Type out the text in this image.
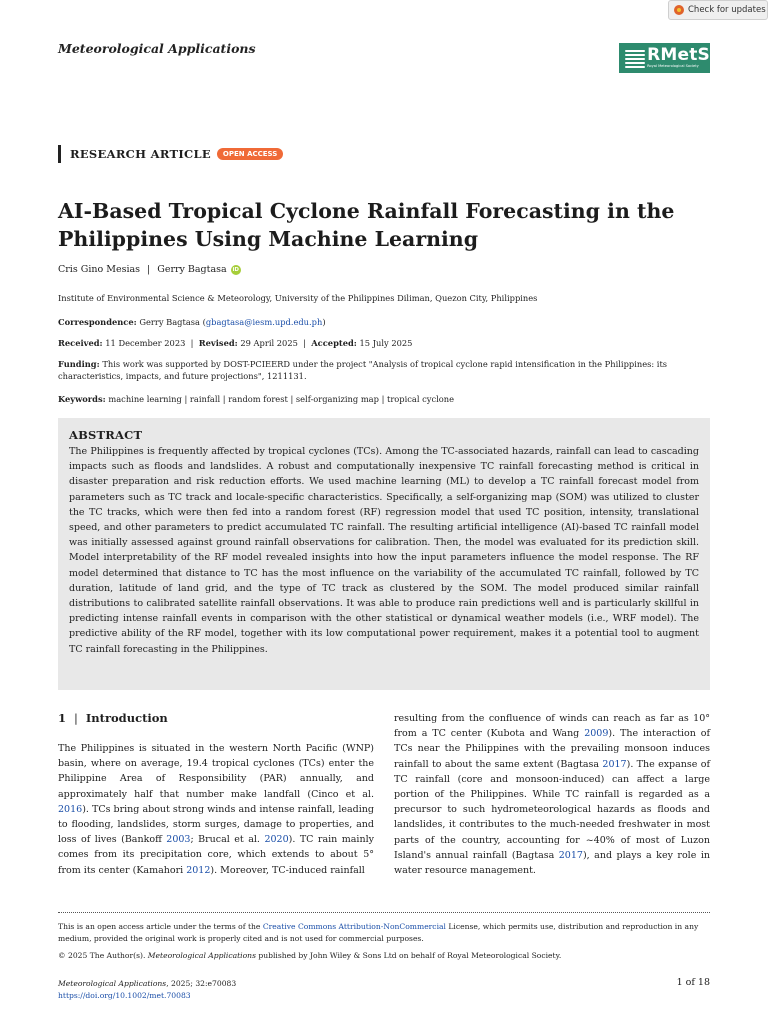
Check for updates
Meteorological Applications	RMetS
Royal Meteorological Society
RESEARCH ARTICLE	OPEN ACCESS
AI-Based Tropical Cyclone Rainfall Forecasting in the Philippines Using Machine Learning
Cris Gino Mesias | Gerry Bagtasa	iD
Institute of Environmental Science & Meteorology, University of the Philippines Diliman, Quezon City, Philippines
Correspondence: Gerry Bagtasa (gbagtasa@iesm.upd.edu.ph)
Received: 11 December 2023  |  Revised: 29 April 2025  |  Accepted: 15 July 2025
Funding: This work was supported by DOST-PCIEERD under the project "Analysis of tropical cyclone rapid intensification in the Philippines: its characteristics, impacts, and future projections", 1211131.
Keywords: machine learning | rainfall | random forest | self-organizing map | tropical cyclone

ABSTRACT

The Philippines is frequently affected by tropical cyclones (TCs). Among the TC-associated hazards, rainfall can lead to cascading impacts such as floods and landslides. A robust and computationally inexpensive TC rainfall forecasting method is critical in disaster preparation and risk reduction efforts. We used machine learning (ML) to develop a TC rainfall forecast model from parameters such as TC track and locale-specific characteristics. Specifically, a self-organizing map (SOM) was utilized to cluster the TC tracks, which were then fed into a random forest (RF) regression model that used TC position, intensity, translational speed, and other parameters to predict accumulated TC rainfall. The resulting artificial intelligence (AI)-based TC rainfall model was initially assessed against ground rainfall observations for calibration. Then, the model was evaluated for its prediction skill. Model interpretability of the RF model revealed insights into how the input parameters influence the model response. The RF model determined that distance to TC has the most influence on the variability of the accumulated TC rainfall, followed by TC duration, latitude of land grid, and the type of TC track as clustered by the SOM. The model produced similar rainfall distributions to calibrated satellite rainfall observations. It was able to produce rain predictions well and is particularly skillful in predicting intense rainfall events in comparison with the other statistical or dynamical weather models (i.e., WRF model). The predictive ability of the RF model, together with its low computational power requirement, makes it a potential tool to augment TC rainfall forecasting in the Philippines.

1 | Introduction

The Philippines is situated in the western North Pacific (WNP) basin, where on average, 19.4 tropical cyclones (TCs) enter the Philippine Area of Responsibility (PAR) annually, and approximately half that number make landfall (Cinco et al. 2016). TCs bring about strong winds and intense rainfall, leading to flooding, landslides, storm surges, damage to properties, and loss of lives (Bankoff 2003; Brucal et al. 2020). TC rain mainly comes from its precipitation core, which extends to about 5° from its center (Kamahori 2012). Moreover, TC-induced rainfall

resulting from the confluence of winds can reach as far as 10° from a TC center (Kubota and Wang 2009). The interaction of TCs near the Philippines with the prevailing monsoon induces rainfall to about the same extent (Bagtasa 2017). The expanse of TC rainfall (core and monsoon-induced) can affect a large portion of the Philippines. While TC rainfall is regarded as a precursor to such hydrometeorological hazards as floods and landslides, it contributes to the much-needed freshwater in most parts of the country, accounting for ~40% of most of Luzon Island's annual rainfall (Bagtasa 2017), and plays a key role in water resource management.

This is an open access article under the terms of the Creative Commons Attribution-NonCommercial License, which permits use, distribution and reproduction in any medium, provided the original work is properly cited and is not used for commercial purposes.
© 2025 The Author(s). Meteorological Applications published by John Wiley & Sons Ltd on behalf of Royal Meteorological Society.
Meteorological Applications, 2025; 32:e70083
https://doi.org/10.1002/met.70083
1 of 18
